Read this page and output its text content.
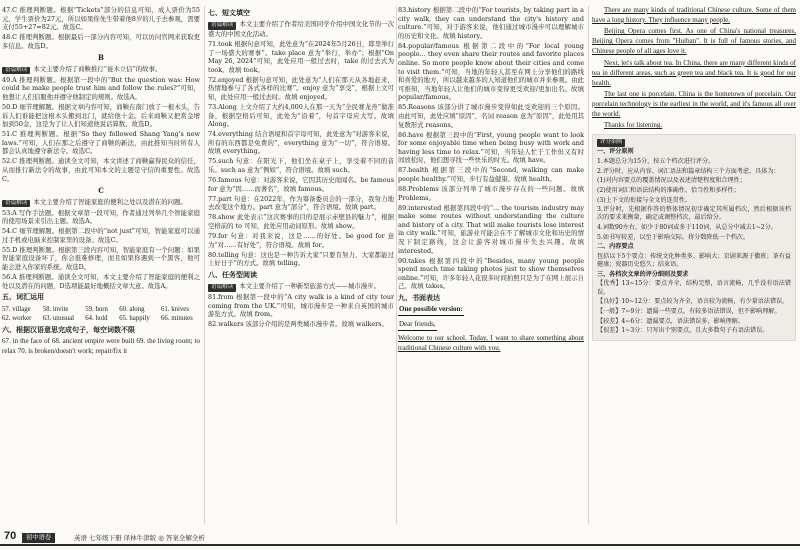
47.C 推理判断题。根据“Tickets”部分的信息可知，成人票价为55元，学生票价为27元，所以如果你先生带着他8岁的儿子去参观，需要支付55+27=82元。故选C。
48.C 推理判断题。根据最后一部分内容可知，可以访问官网来获取更多信息。故选D。
B
语篇解读 本文主要介绍了商鞅推行“徙木立信”的故事。
49.A 推理判断题。根据第一段中的“But the question was: How could he make people trust him and follow the rules?”可知，他想让人们信服他并遵守他制定的规则。故选A。
50.D 细节理解题。根据文章内容可知，商鞅在南门放了一根木头，告诉人们谁能把这根木头搬到北门，就给他十金。后来商鞅又把赏金增加到50金，这是为了让人们知道他说话算数。故选D。
51.C 推理判断题。根据“So they followed Shang Yang's new laws.”可知，人们在那之后遵守了商鞅的新法，由此推知当时所有人都会认真地遵守新法令。故选C。
52.C 推理判断题。通读全文可知，本文讲述了商鞅赢得民众的信任，从而推行新法令的故事，由此可知本文的主题是守信的重要性。故选C。
C
语篇解读 本文主要介绍了智能家庭的便利之处以及潜在的问题。
53.A 写作手法题。根据文章第一段可知，作者通过列举几个智能家庭的使用场景来引出主题。故选A。
54.C 细节理解题。根据第二段中的“not just”可知，智能家庭可以通过手机或电脑来控制家里的设备。故选C。
55.D 推理判断题。根据第三段内容可知，智能家庭有一个问题：如果智能家庭设备坏了，你会很难修理，而且如果你遇到一个黑客，他可能会进入你家的系统。故选D。
56.A 推理判断题。通读全文可知，本文主要介绍了智能家庭的便利之处以及潜在的问题，D选项能最好地概括文章大意。故选A。
五、词汇运用
57. village	58. invite	59. born	60. along	61. knives
62. worker	63. unusual	64. hold	65. happily	66. minutes
六、根据汉语意思完成句子，每空词数不限
67. in the face of 68. ancient empire were built 69. the living room; to relax 70. is broken/doesn't work; repair/fix it
七、短文填空
语篇解读 本文主要介绍了作者给美国同学介绍中国文化节的一次盛大的中国文化活动。
71.took 根据句意可知，此处意为“在2024年5月26日，耶里举行了一场盛大的赛事”。take place 意为“举行，举办”；根据“On May 26, 2024”可知，此处应用一般过去时，take 的过去式为 took。故填 took。
72.enjoyed 根据句意可知，此处意为“人们在那天从各地赶来，热情地参与了各式各样的比赛”。enjoy 意为“享受”，根据上文可知，此处应用一般过去时。故填 enjoyed。
73.Along 上文介绍了大约4,000人在那一天为“全民赛龙舟”做准备，根据空格后可知，此处为“沿着”，句首字母应大写。故填 Along。
74.everything 结合语境和首字母可知，此处意为“对游客来说，所有的东西都是免费的”，everything 意为“一切”，符合语境。故填 everything。
75.such 句意：在阳光下，他们坐在桌子上，享受着不同的音乐。such as 意为“例如”，符合语境。故填 such。
76.famous 句意：对游客来说，它因其历史而闻名。be famous for 意为“因……而著名”，故填 famous。
77.part 句意：在2022年，作为筹备委员会的一部分，我努力地去改变这个地方。part 意为“部分”，符合语境。故填 part。
78.show 此处表示“这次赛事的目的是展示赤壁县的魅力”，根据空格前的 to 可知，此处应用动词原形。故填 show。
79.for 句意：对我来说，这是……的好处。be good for 意为“对……有好处”，符合语境。故填 for。
80.telling 句意：这也是一种告诉大家“只要肯努力，大家都能过上好日子”的方式。故填 telling。
八、任务型阅读
语篇解读 本文主要介绍了一种新型旅游方式——城市漫步。
81.from 根据第一段中的“A city walk is a kind of city tour coming from the UK.”可知，城市漫步是一种来自英国的城市游览方式。故填 from。
82.walkers 该部分介绍的是两类城市漫步者。故填 walkers。
83.history 根据第二段中的“For tourists, by taking part in a city walk, they can understand the city's history and culture.”可知，对于游客来说，他们通过城市漫步可以理解城市的历史和文化。故填 history。
84.popular/famous 根据第二段中的“For local young people... they even share their routes and favorite places online. So more people know about their cities and come to visit them.”可知，当地的年轻人甚至在网上分享他们的路线和喜爱的地方，所以越来越多的人知道他们的城市并来参观。由此可推知，当地年轻人让他们的城市变得更受欢迎/更加出名。故填 popular/famous。
85.Reasons 该部分讲了城市漫步变得如此受欢迎的三个原因。由此可知，此处应填“原因”，名词 reason 意为“原因”，此处用其复数形式 reasons。
86.have 根据第三段中的“First, young people want to look for some enjoyable time when being busy with work and having less time to relax.”可知，当年轻人忙于工作但又有时间放松时，他们想寻找一些快乐的时光。故填 have。
87.health 根据第三段中的“Second, walking can make people healthy.”可知，步行有益健康。故填 health。
88.Problems 该部分列举了城市漫步存在的一些问题。故填 Problems。
89.interested 根据第四段中的“... the tourism industry may make some routes without understanding the culture and history of a city. That will make tourists lose interest in city walk.”可知，旅游业可能会在不了解城市文化和历史的情况下制定路线，这会让游客对城市漫步失去兴趣。故填 interested。
90.takes 根据第四段中的“Besides, many young people spend much time taking photos just to show themselves online.”可知，许多年轻人花很多时间拍照只是为了在网上展示自己。故填 takes。
九、书面表达
One possible version:
Dear friends,
Welcome to our school. Today, I want to share something about traditional Chinese culture with you.
There are many kinds of traditional Chinese culture. Some of them have a long history. They influence many people.
Beijing Opera comes first. As one of China's national treasures, Beijing Opera comes from "Huiban". It is full of famous stories, and Chinese people of all ages love it.
Next, let's talk about tea. In China, there are many different kinds of tea in different areas, such as green tea and black tea. It is good for our health.
The last one is porcelain. China is the hometown of porcelain. Our porcelain technology is the earliest in the world, and it's famous all over the world.
Thanks for listening.
评分细则
一、评分原则
1.本题总分为15分，按五个档次进行评分。
2.评分时，应从内容、词汇语法和篇章结构三个方面考虑，具体为：
(1)对内容要点的覆盖情况以及表述清楚程度和合理性；
(2)使用词汇和语法结构的准确性、恰当性和多样性；
(3)上下文的衔接与全文的连贯性。
3.评分时，先根据作答的整体情况初步确定其所属档次，然后根据该档次的要求来衡量，确定或调整档次，最后给分。
4.词数90左右，如少于80词或多于110词，从总分中减去1~2分。
5.如书写较差，以至于影响交际，将分数降低一个档次。
二、内容要点
包括以下5个要点：传统文化种类多、影响大；京剧来源于徽班；茶有益健康；瓷器历史悠久；结束语。
三、各档次文章的评分细则及要求
【优秀】13~15分：要点齐全，结构完整，语言流畅，几乎没有语法错误。
【良好】10~12分：要点较为齐全，语言较为流畅，有少量语法错误。
【一般】7~9分：遗漏一些要点，有较多语法错误，但不影响理解。
【较差】4~6分：遗漏要点，语法错误多，影响理解。
【很差】1~3分：只写出个别要点，且大多数句子有语法错误。
70	初中语卷	英语 七年级下册 译林牛津版 ◎ 答案全解全析
